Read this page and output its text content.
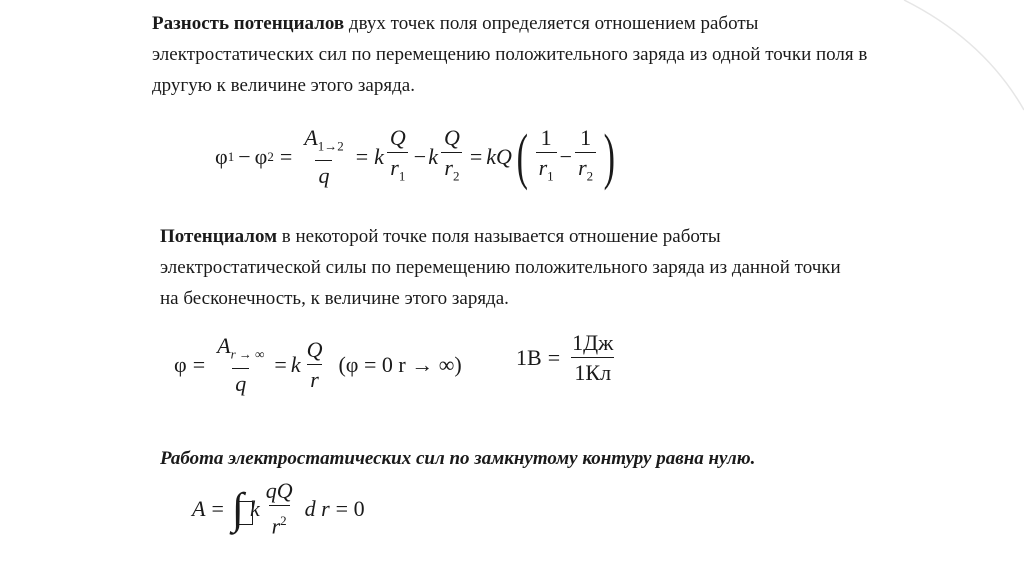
Разность потенциалов двух точек поля определяется отношением работы электростатических сил по перемещению положительного заряда из одной точки поля в другую к величине этого заряда.
φ 1 − φ $2 = \frac{A_{1\to 2}}{q} = k \frac{Q}{r_1} - k \frac{Q}{r_2}$ = kQ ( $\frac{1}{r_1} - \frac{1}{r_2}$ )
Потенциалом в некоторой точке поля называется отношение работы электростатической силы по перемещению положительного заряда из данной точки на бесконечность, к величине этого заряда.
$\varphi = \frac{A_{r \to \infty}}{q} = k \frac{Q}{r} (\varphi = 0$ r → ∞) $1В = \frac{1Дж}{1Кл}$
Работа электростатических сил по замкнутому контуру равна нулю.
A = ∫ k $\frac{qQ}{r^2}$ d r = 0
